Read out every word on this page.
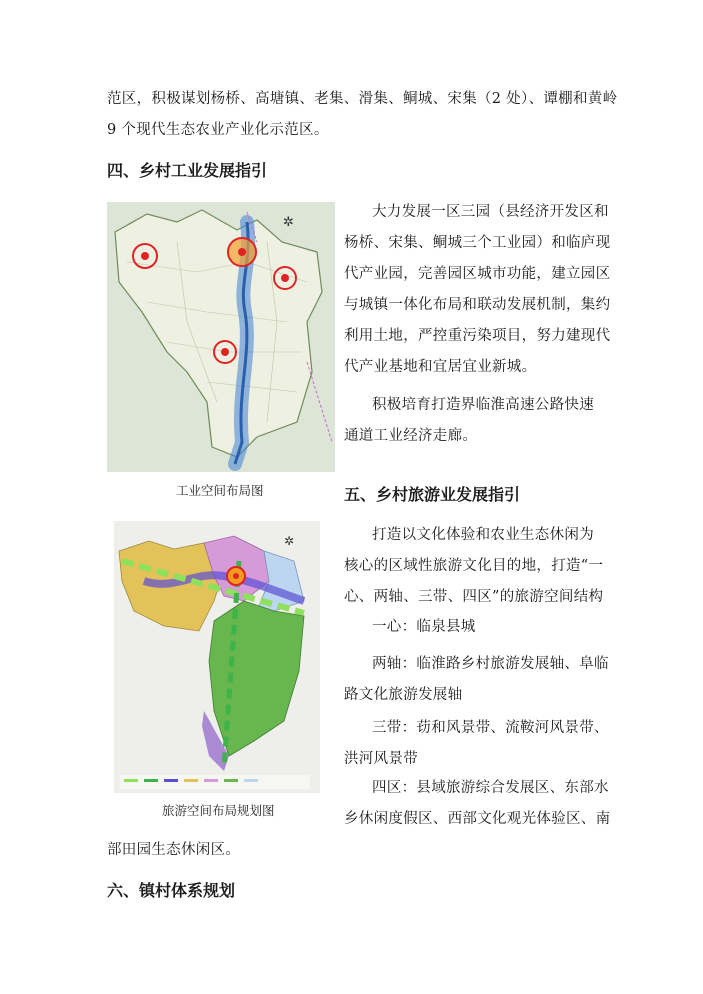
范区，积极谋划杨桥、高塘镇、老集、滑集、鲖城、宋集（2 处）、谭棚和黄岭
9 个现代生态农业产业化示范区。
四、乡村工业发展指引
✲
工业空间布局图
大力发展一区三园（县经济开发区和
杨桥、宋集、鲖城三个工业园）和临庐现
代产业园，完善园区城市功能，建立园区
与城镇一体化布局和联动发展机制，集约
利用土地，严控重污染项目，努力建现代
代产业基地和宜居宜业新城。
积极培育打造界临淮高速公路快速
通道工业经济走廊。
五、乡村旅游业发展指引
✲
旅游空间布局规划图
打造以文化体验和农业生态休闲为
核心的区域性旅游文化目的地，打造“一
心、两轴、三带、四区”的旅游空间结构
一心：临泉县城
两轴：临淮路乡村旅游发展轴、阜临
路文化旅游发展轴
三带：苆和风景带、流鞍河风景带、
洪河风景带
四区：县域旅游综合发展区、东部水
乡休闲度假区、西部文化观光体验区、南
部田园生态休闲区。
六、镇村体系规划
